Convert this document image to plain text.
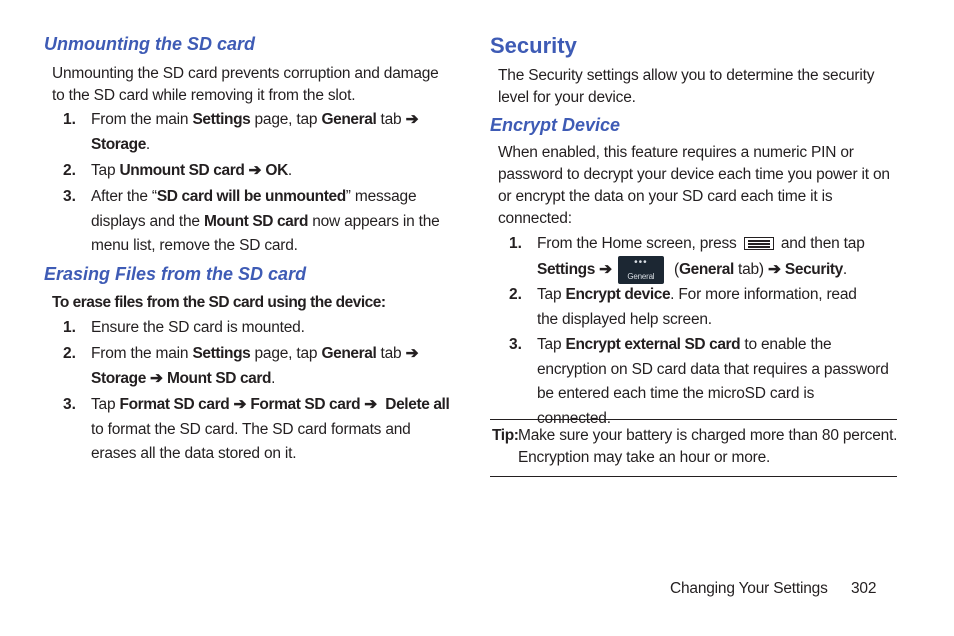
Unmounting the SD card
Unmounting the SD card prevents corruption and damage to the SD card while removing it from the slot.
1. From the main Settings page, tap General tab ➔
Storage.
2. Tap Unmount SD card ➔ OK.
3. After the “SD card will be unmounted” message displays and the Mount SD card now appears in the menu list, remove the SD card.
Erasing Files from the SD card
To erase files from the SD card using the device:
1. Ensure the SD card is mounted.
2. From the main Settings page, tap General tab ➔
Storage ➔ Mount SD card.
3. Tap Format SD card ➔ Format SD card ➔ Delete all to format the SD card. The SD card formats and erases all the data stored on it.
Security
The Security settings allow you to determine the security level for your device.
Encrypt Device
When enabled, this feature requires a numeric PIN or password to decrypt your device each time you power it on or encrypt the data on your SD card each time it is connected:
1. From the Home screen, press  and then tap
Settings ➔	•••
General (General tab) ➔ Security.
2. Tap Encrypt device. For more information, read the displayed help screen.
3. Tap Encrypt external SD card to enable the encryption on SD card data that requires a password be entered each time the microSD card is connected.
Tip: Make sure your battery is charged more than 80 percent. Encryption may take an hour or more.
Changing Your Settings 302
